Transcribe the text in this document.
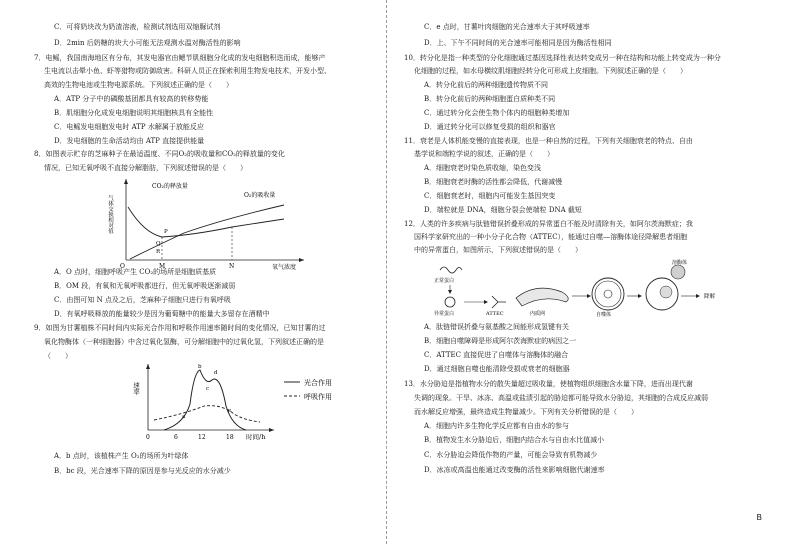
C．可将奶块改为奶渣溶液，检测试剂选用双缩脲试剂
D．2min 后奶糖的块大小可能无法观测水温对酶活性的影响
7．电鳐，我国南海地区有分布，其发电器官由鳃节肌细胞分化成的发电细胞积迭而成，能够产
生电流以击晕小鱼、虾等猎物或防御敌害。科研人员正在探索利用生物发电技术，开发小型、
高效的生物电池或生物电源系统。下列叙述正确的是（　　）
A．ATP 分子中的磷酸基团都具有较高的转移势能
B．肌细胞分化成发电细胞说明其细胞核具有全能性
C．电鳐发电细胞发电时 ATP 水解属于放能反应
D．发电细胞的生命活动均由 ATP 直接提供能量
8．如图表示贮存的芝麻种子在最适温度、不同O₂的吸收量和CO₂的释放量的变化
情况，已知无氧呼吸不直接分解脂肪，下列叙述错误的是（　　）
气体交换相对值
氧气浓度
O	M	N
CO₂的释放量
O₂的吸收量
P
Q
R
A．O 点时，细胞呼吸产生 CO₂的场所是细胞质基质
B．OM 段，有氧和无氧呼吸都进行，但无氧呼吸逐渐减弱
C．由图可知 N 点及之后，芝麻种子细胞只进行有氧呼吸
D．有氧呼吸释放的能量较少是因为葡萄糖中的能量大多留存在酒精中
9．如图为甘薯植株不同时间内实际光合作用和呼吸作用速率随时间的变化情况，已知甘薯的过
氧化物酶体（一种细胞器）中含过氧化氢酶，可分解细胞中的过氧化氢，下列叙述正确的是
（　　）
速率
时间/h
a
b
c
d
e
0	6	12	18
光合作用
呼吸作用
A．b 点时，该植株产生 O₂的场所为叶绿体
B．bc 段，光合速率下降的原因是参与光反应的水分减少
C．e 点时，甘薯叶肉细胞的光合速率大于其呼吸速率
D．上、下午不同时间的光合速率可能相同是因为酶活性相同
10．转分化是指一种类型的分化细胞通过基因选择性表达转变成另一种在结构和功能上转变成为一种分
化细胞的过程，如水母横纹肌细胞经转分化可形成上皮细胞。下列叙述正确的是（　　）
A．转分化前后的两种细胞遗传物质不同
B．转分化前后的两种细胞蛋白质种类不同
C．通过转分化会使生物个体内的细胞种类增加
D．通过转分化可以修复受损的组织和器官
11．衰老是人体机能变慢的直接表现，也是一种自然的过程，下列有关细胞衰老的特点、自由
基学说和端粒学说的叙述，正确的是（　　）
A．细胞衰老时染色质收缩，染色变浅
B．细胞衰老时酶的活性都会降低，代谢减慢
C．细胞衰老时，细胞内可能发生基因突变
D．端粒就是 DNA，细胞分裂会使端粒 DNA 截短
12．人类的许多疾病与肽链错误折叠形成的异常蛋白不能及时清除有关，如阿尔茨海默症；我
国科学家研究出的一种小分子化合物（ATTEC），能通过自噬—溶酶体途径降解患者细胞
中的异常蛋白，如图所示，下列叙述错误的是（　　）
正常蛋白
异常蛋白	ATTEC	内质网	自噬体
溶酶体
降解
A．肽链错误折叠与氨基酸之间能形成氢键有关
B．细胞自噬障碍是形成阿尔茨海默症的病因之一
C．ATTEC 直接促进了自噬体与溶酶体的融合
D．通过细胞自噬也能清除受损或衰老的细胞器
13．水分胁迫是指植物水分的散失量超过吸收量，使植物组织细胞含水量下降，进而出现代谢
失调的现象。干旱、冰冻、高温或盐渍引起的胁迫都可能导致水分胁迫，其细胞的合成反应减弱
而水解反应增强，最终造成生物量减少。下列有关分析错误的是（　　）
A．细胞内许多生物化学反应都有自由水的参与
B．植物发生水分胁迫后，细胞内结合水与自由水比值减小
C．水分胁迫会降低作物的产量，可能会导致有机物减少
D．冰冻或高温也能通过改变酶的活性来影响细胞代谢速率
B
